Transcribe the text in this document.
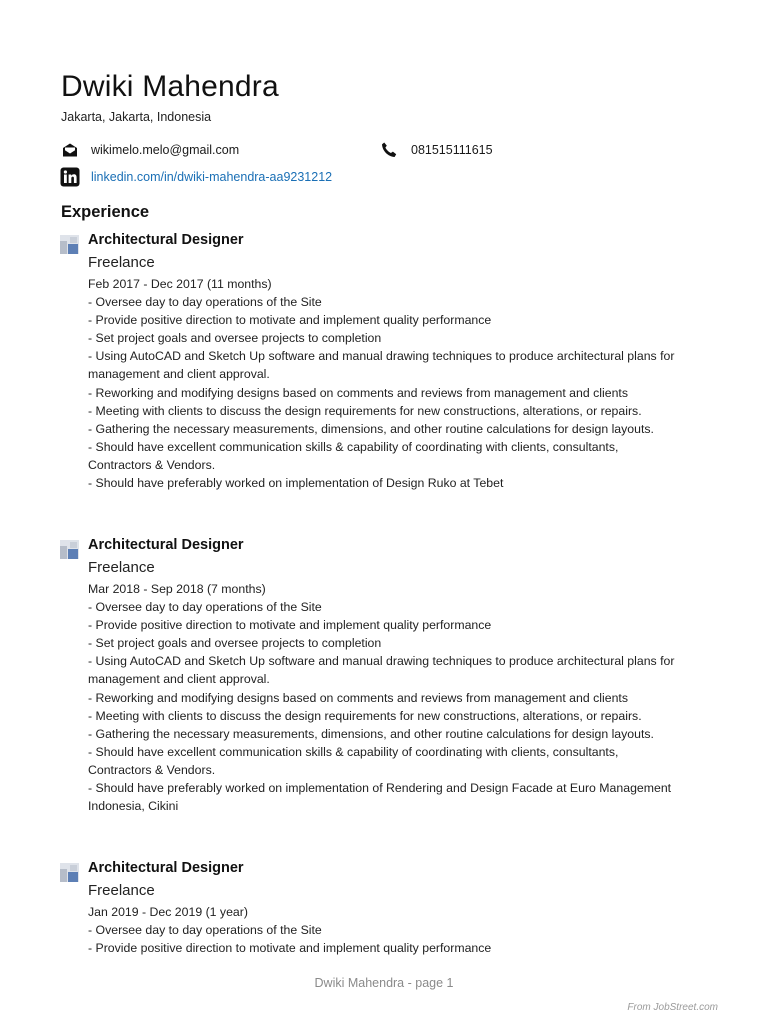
Dwiki Mahendra
Jakarta, Jakarta, Indonesia
wikimelo.melo@gmail.com	081515111615
linkedin.com/in/dwiki-mahendra-aa9231212
Experience
Architectural Designer
Freelance
Feb 2017 - Dec 2017 (11 months)
- Oversee day to day operations of the Site
- Provide positive direction to motivate and implement quality performance
- Set project goals and oversee projects to completion
- Using AutoCAD and Sketch Up software and manual drawing techniques to produce architectural plans for management and client approval.
- Reworking and modifying designs based on comments and reviews from management and clients
- Meeting with clients to discuss the design requirements for new constructions, alterations, or repairs.
- Gathering the necessary measurements, dimensions, and other routine calculations for design layouts.
- Should have excellent communication skills & capability of coordinating with clients, consultants, Contractors & Vendors.
- Should have preferably worked on implementation of Design Ruko at Tebet
Architectural Designer
Freelance
Mar 2018 - Sep 2018 (7 months)
- Oversee day to day operations of the Site
- Provide positive direction to motivate and implement quality performance
- Set project goals and oversee projects to completion
- Using AutoCAD and Sketch Up software and manual drawing techniques to produce architectural plans for management and client approval.
- Reworking and modifying designs based on comments and reviews from management and clients
- Meeting with clients to discuss the design requirements for new constructions, alterations, or repairs.
- Gathering the necessary measurements, dimensions, and other routine calculations for design layouts.
- Should have excellent communication skills & capability of coordinating with clients, consultants, Contractors & Vendors.
- Should have preferably worked on implementation of Rendering and Design Facade at Euro Management Indonesia, Cikini
Architectural Designer
Freelance
Jan 2019 - Dec 2019 (1 year)
- Oversee day to day operations of the Site
- Provide positive direction to motivate and implement quality performance
Dwiki Mahendra - page 1
From JobStreet.com
